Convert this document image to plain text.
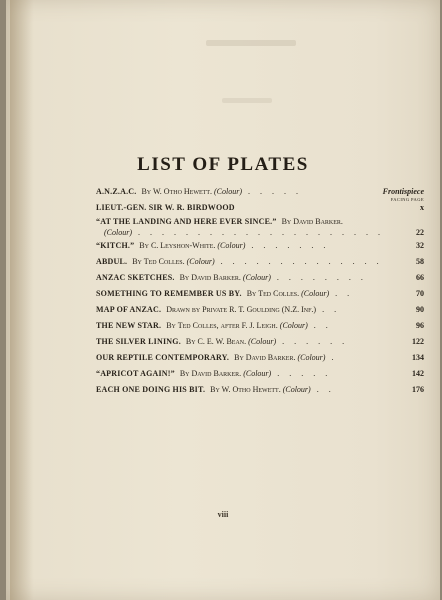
LIST OF PLATES
A.N.Z.A.C. By W. Otho Hewett. (Colour) . . . . .	Frontispiece
FACING PAGE
LIEUT.-GEN. SIR W. R. BIRDWOOD	x
“AT THE LANDING AND HERE EVER SINCE.” By David Barker.
(Colour) . . . . . . . . . . . . . . . . . . . . .	22
“KITCH.” By C. Leyshon-White. (Colour) . . . . . . .	32
ABDUL. By Ted Colles. (Colour) . . . . . . . . . . . . . .	58
ANZAC SKETCHES. By David Barker. (Colour) . . . . . . . .	66
SOMETHING TO REMEMBER US BY. By Ted Colles. (Colour) . .	70
MAP OF ANZAC. Drawn by Private R. T. Goulding (N.Z. Inf.) . .	90
THE NEW STAR. By Ted Colles, after F. J. Leigh. (Colour) . .	96
THE SILVER LINING. By C. E. W. Bean. (Colour) . . . . . .	122
OUR REPTILE CONTEMPORARY. By David Barker. (Colour) .	134
“APRICOT AGAIN!” By David Barker. (Colour) . . . . .	142
EACH ONE DOING HIS BIT. By W. Otho Hewett. (Colour) . .	176
viii
